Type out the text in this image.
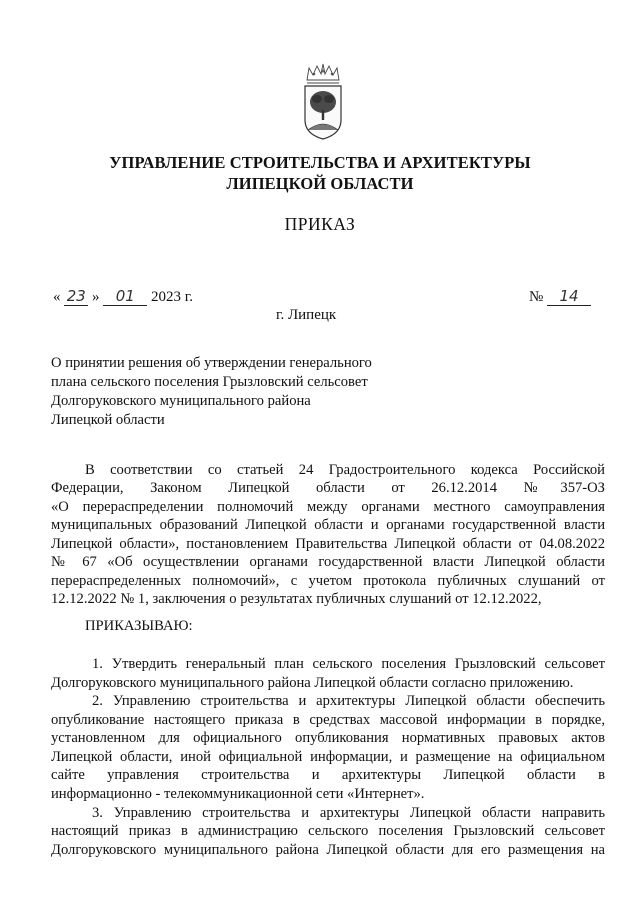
УПРАВЛЕНИЕ СТРОИТЕЛЬСТВА И АРХИТЕКТУРЫ
ЛИПЕЦКОЙ ОБЛАСТИ
ПРИКАЗ
« 23 » 01 2023 г.	№ 14
г. Липецк
О принятии решения об утверждении генерального
плана сельского поселения Грызловский сельсовет
Долгоруковского муниципального района
Липецкой области
В соответствии со статьей 24 Градостроительного кодекса Российской
Федерации, Законом Липецкой области от 26.12.2014 №357-ОЗ
«О перераспределении полномочий между органами местного самоуправления
муниципальных образований Липецкой области и органами государственной власти
Липецкой области», постановлением Правительства Липецкой области от 04.08.2022
№ 67 «Об осуществлении органами государственной власти Липецкой области
перераспределенных полномочий», с учетом протокола публичных слушаний от
12.12.2022 № 1, заключения о результатах публичных слушаний от 12.12.2022,
ПРИКАЗЫВАЮ:
1. Утвердить генеральный план сельского поселения Грызловский сельсовет
Долгоруковского муниципального района Липецкой области согласно приложению.
2. Управлению строительства и архитектуры Липецкой области обеспечить
опубликование настоящего приказа в средствах массовой информации в порядке,
установленном для официального опубликования нормативных правовых актов
Липецкой области, иной официальной информации, и размещение на официальном
сайте управления строительства и архитектуры Липецкой области в
информационно - телекоммуникационной сети «Интернет».
3. Управлению строительства и архитектуры Липецкой области направить
настоящий приказ в администрацию сельского поселения Грызловский сельсовет
Долгоруковского муниципального района Липецкой области для его размещения на
